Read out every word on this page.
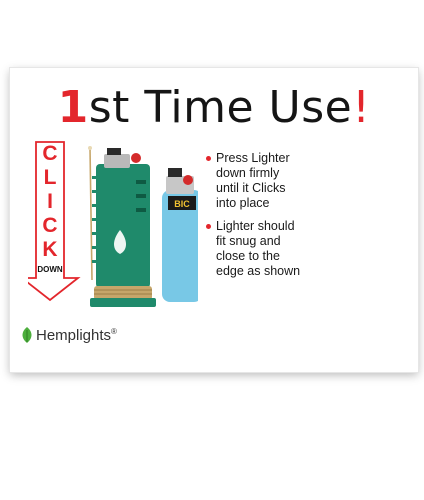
1st Time Use!
C
L
I
C
K
DOWN
BIC
Press Lighter down firmly until it Clicks into place
Lighter should fit snug and close to the edge as shown
Hemplights®
